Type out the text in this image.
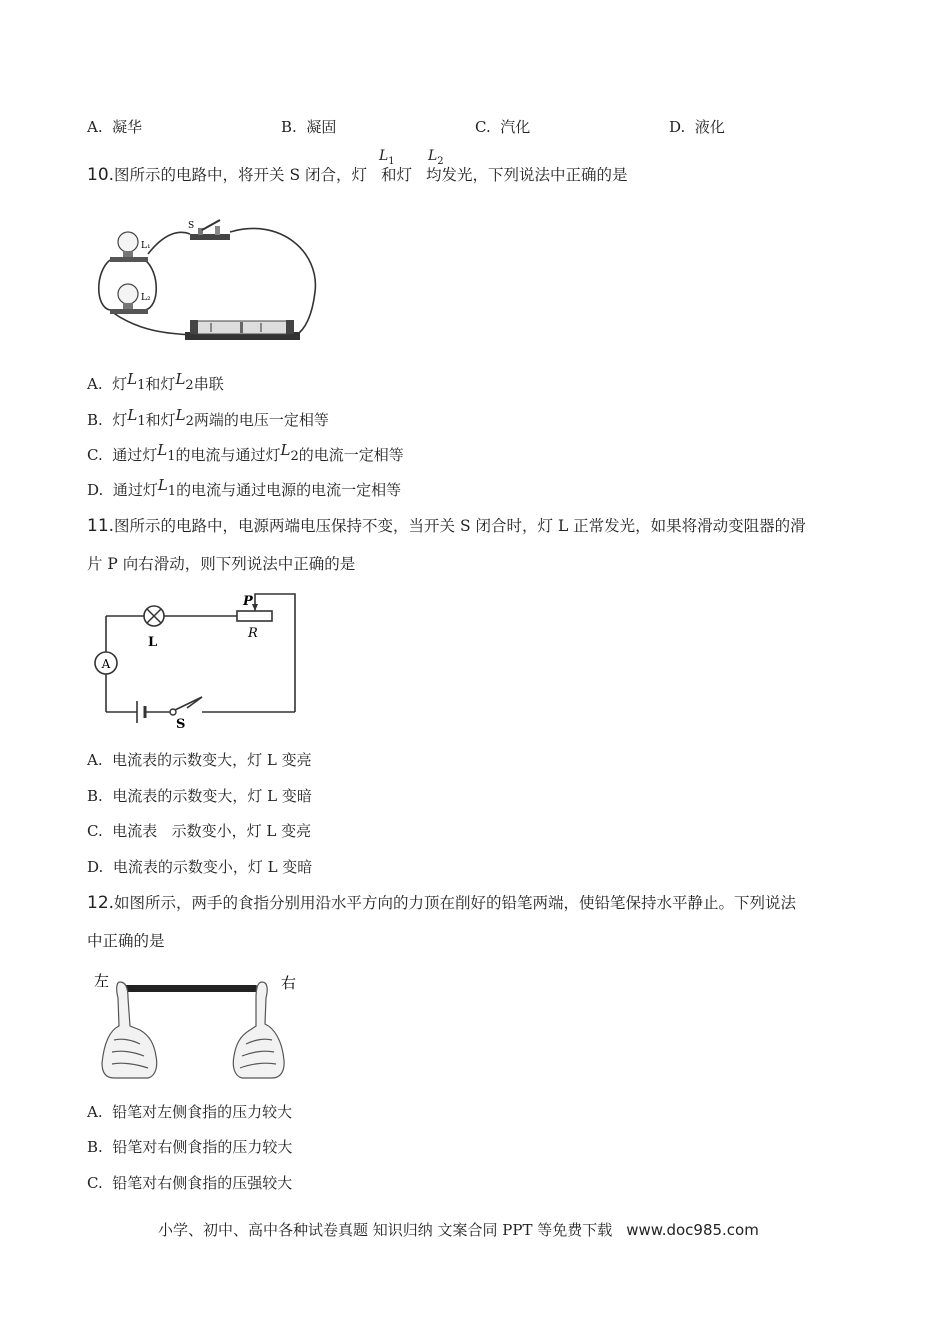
A. 凝华	B. 凝固	C. 汽化	D. 液化
10.图所示的电路中，将开关 S 闭合，灯 和灯 均发光，下列说法中正确的是
$L_1$ $L_2$
L₁
L₂
S
A. 灯L1和灯L2串联
B. 灯L1和灯L2两端的电压一定相等
C. 通过灯L1的电流与通过灯L2的电流一定相等
D. 通过灯L1的电流与通过电源的电流一定相等
11.图所示的电路中，电源两端电压保持不变，当开关 S 闭合时，灯 L 正常发光，如果将滑动变阻器的滑
片 P 向右滑动，则下列说法中正确的是
A
P
R
L
S
A. 电流表的示数变大，灯 L 变亮
B. 电流表的示数变大，灯 L 变暗
C. 电流表   示数变小，灯 L 变亮
D. 电流表的示数变小，灯 L 变暗
12.如图所示，两手的食指分别用沿水平方向的力顶在削好的铅笔两端，使铅笔保持水平静止。下列说法
中正确的是
左	右
A. 铅笔对左侧食指的压力较大
B. 铅笔对右侧食指的压力较大
C. 铅笔对右侧食指的压强较大
小学、初中、高中各种试卷真题 知识归纳 文案合同 PPT 等免费下载 www.doc985.com
